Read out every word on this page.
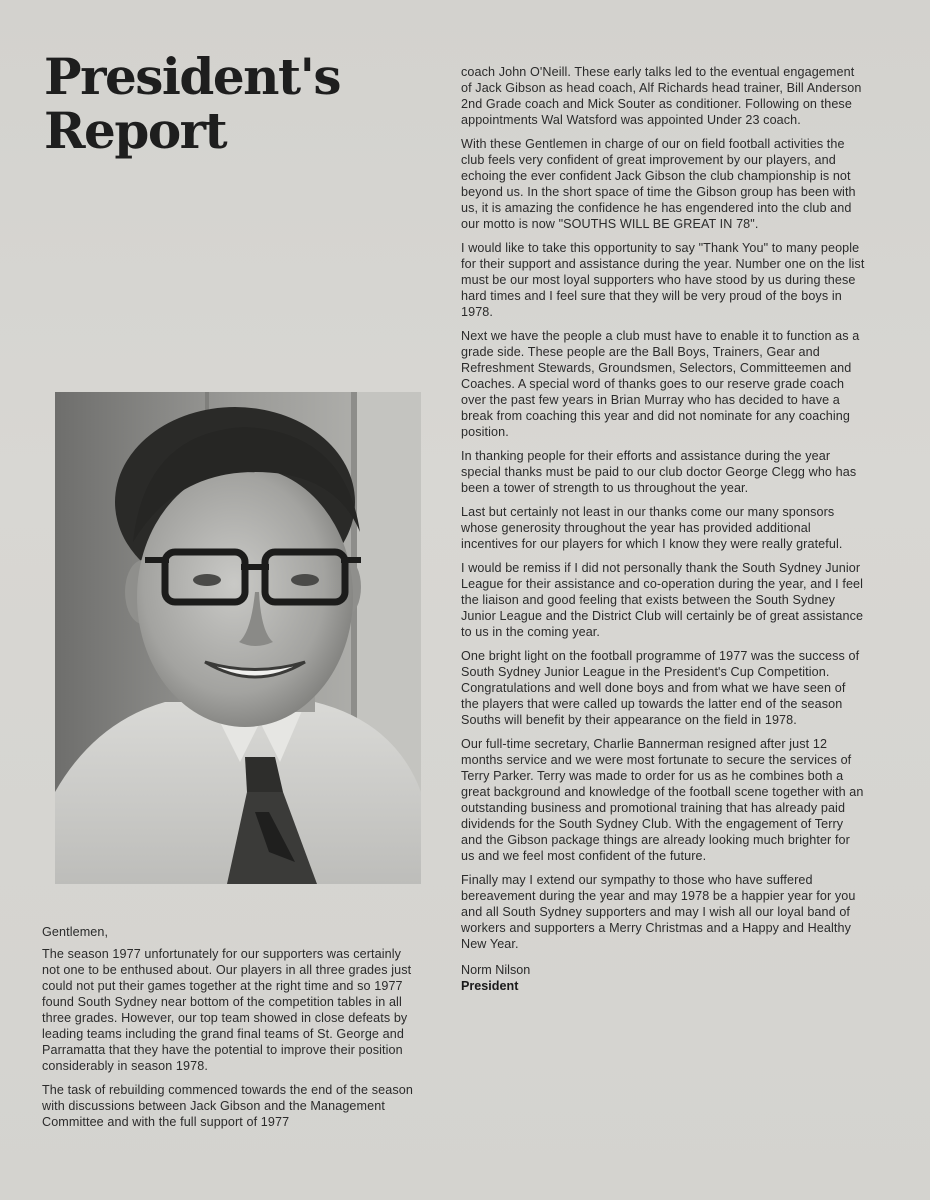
President's
Report

Gentlemen,

The season 1977 unfortunately for our supporters was certainly not one to be enthused about. Our players in all three grades just could not put their games together at the right time and so 1977 found South Sydney near bottom of the competition tables in all three grades. However, our top team showed in close defeats by leading teams including the grand final teams of St. George and Parramatta that they have the potential to improve their position considerably in season 1978.

The task of rebuilding commenced towards the end of the season with discussions between Jack Gibson and the Management Committee and with the full support of 1977

coach John O'Neill. These early talks led to the eventual engagement of Jack Gibson as head coach, Alf Richards head trainer, Bill Anderson 2nd Grade coach and Mick Souter as conditioner. Following on these appointments Wal Watsford was appointed Under 23 coach.

With these Gentlemen in charge of our on field football activities the club feels very confident of great improvement by our players, and echoing the ever confident Jack Gibson the club championship is not beyond us. In the short space of time the Gibson group has been with us, it is amazing the confidence he has engendered into the club and our motto is now "SOUTHS WILL BE GREAT IN 78".

I would like to take this opportunity to say "Thank You" to many people for their support and assistance during the year. Number one on the list must be our most loyal supporters who have stood by us during these hard times and I feel sure that they will be very proud of the boys in 1978.

Next we have the people a club must have to enable it to function as a grade side. These people are the Ball Boys, Trainers, Gear and Refreshment Stewards, Groundsmen, Selectors, Committeemen and Coaches. A special word of thanks goes to our reserve grade coach over the past few years in Brian Murray who has decided to have a break from coaching this year and did not nominate for any coaching position.

In thanking people for their efforts and assistance during the year special thanks must be paid to our club doctor George Clegg who has been a tower of strength to us throughout the year.

Last but certainly not least in our thanks come our many sponsors whose generosity throughout the year has provided additional incentives for our players for which I know they were really grateful.

I would be remiss if I did not personally thank the South Sydney Junior League for their assistance and co-operation during the year, and I feel the liaison and good feeling that exists between the South Sydney Junior League and the District Club will certainly be of great assistance to us in the coming year.

One bright light on the football programme of 1977 was the success of South Sydney Junior League in the President's Cup Competition. Congratulations and well done boys and from what we have seen of the players that were called up towards the latter end of the season Souths will benefit by their appearance on the field in 1978.

Our full-time secretary, Charlie Bannerman resigned after just 12 months service and we were most fortunate to secure the services of Terry Parker. Terry was made to order for us as he combines both a great background and knowledge of the football scene together with an outstanding business and promotional training that has already paid dividends for the South Sydney Club. With the engagement of Terry and the Gibson package things are already looking much brighter for us and we feel most confident of the future.

Finally may I extend our sympathy to those who have suffered bereavement during the year and may 1978 be a happier year for you and all South Sydney supporters and may I wish all our loyal band of workers and supporters a Merry Christmas and a Happy and Healthy New Year.

Norm Nilson
President
